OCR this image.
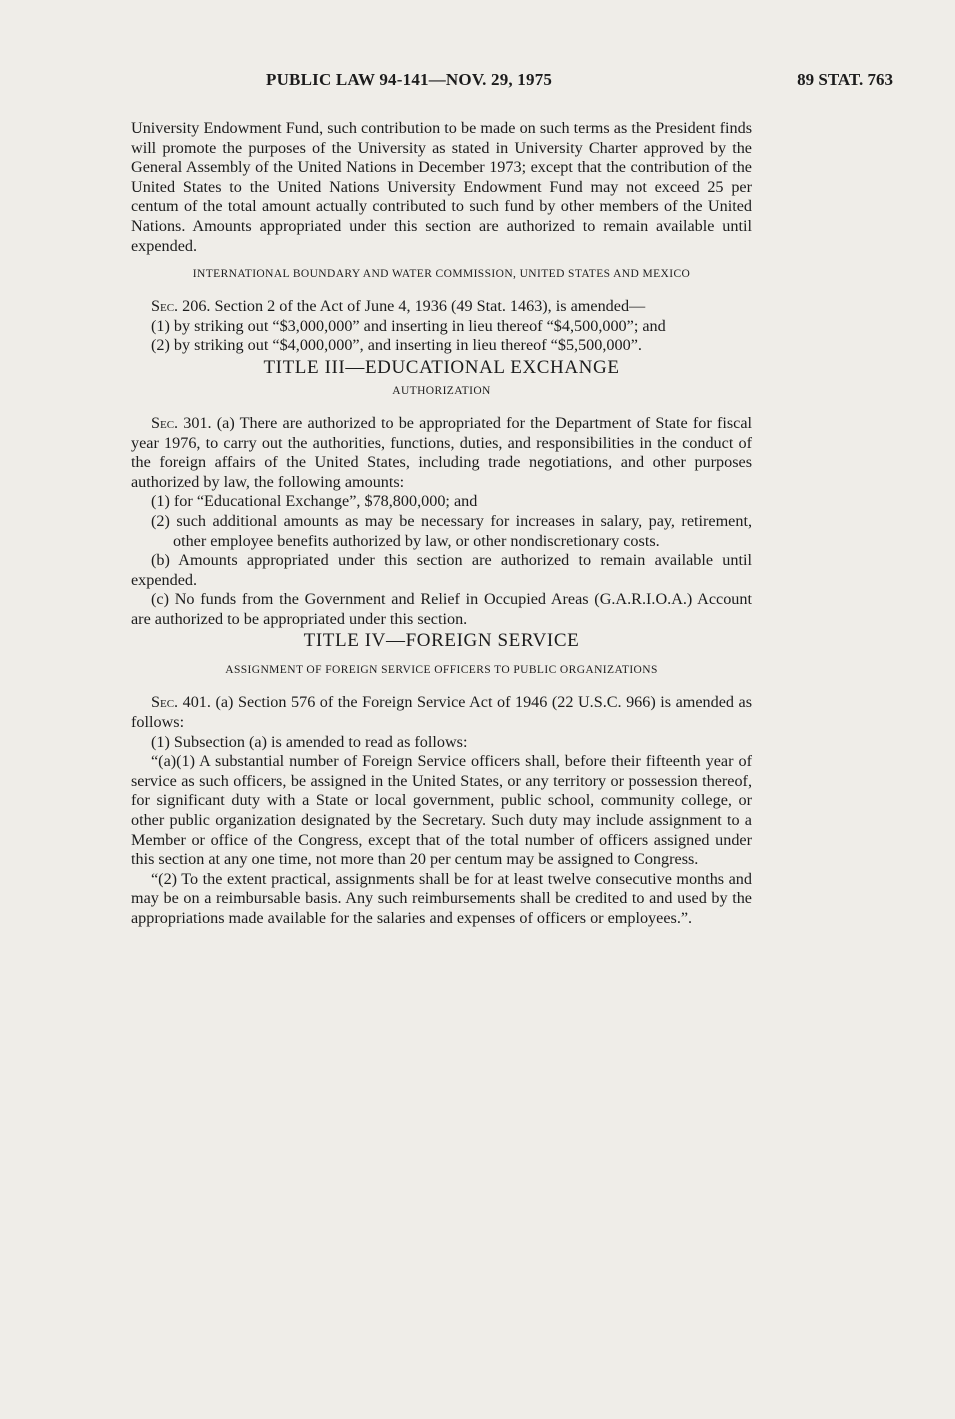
PUBLIC LAW 94-141—NOV. 29, 1975	89 STAT. 763

University Endowment Fund, such contribution to be made on such terms as the President finds will promote the purposes of the University as stated in University Charter approved by the General Assembly of the United Nations in December 1973; except that the contribution of the United States to the United Nations University Endowment Fund may not exceed 25 per centum of the total amount actually contributed to such fund by other members of the United Nations. Amounts appropriated under this section are authorized to remain available until expended.

INTERNATIONAL BOUNDARY AND WATER COMMISSION, UNITED STATES AND MEXICO

Sec. 206. Section 2 of the Act of June 4, 1936 (49 Stat. 1463), is amended—

(1) by striking out “$3,000,000” and inserting in lieu thereof “$4,500,000”; and

(2) by striking out “$4,000,000”, and inserting in lieu thereof “$5,500,000”.

TITLE III—EDUCATIONAL EXCHANGE
AUTHORIZATION

Sec. 301. (a) There are authorized to be appropriated for the Department of State for fiscal year 1976, to carry out the authorities, functions, duties, and responsibilities in the conduct of the foreign affairs of the United States, including trade negotiations, and other purposes authorized by law, the following amounts:

(1) for “Educational Exchange”, $78,800,000; and

(2) such additional amounts as may be necessary for increases in salary, pay, retirement, other employee benefits authorized by law, or other nondiscretionary costs.

(b) Amounts appropriated under this section are authorized to remain available until expended.

(c) No funds from the Government and Relief in Occupied Areas (G.A.R.I.O.A.) Account are authorized to be appropriated under this section.

TITLE IV—FOREIGN SERVICE
ASSIGNMENT OF FOREIGN SERVICE OFFICERS TO PUBLIC ORGANIZATIONS

Sec. 401. (a) Section 576 of the Foreign Service Act of 1946 (22 U.S.C. 966) is amended as follows:

(1) Subsection (a) is amended to read as follows:

“(a)(1) A substantial number of Foreign Service officers shall, before their fifteenth year of service as such officers, be assigned in the United States, or any territory or possession thereof, for significant duty with a State or local government, public school, community college, or other public organization designated by the Secretary. Such duty may include assignment to a Member or office of the Congress, except that of the total number of officers assigned under this section at any one time, not more than 20 per centum may be assigned to Congress.

“(2) To the extent practical, assignments shall be for at least twelve consecutive months and may be on a reimbursable basis. Any such reimbursements shall be credited to and used by the appropriations made available for the salaries and expenses of officers or employees.”.
